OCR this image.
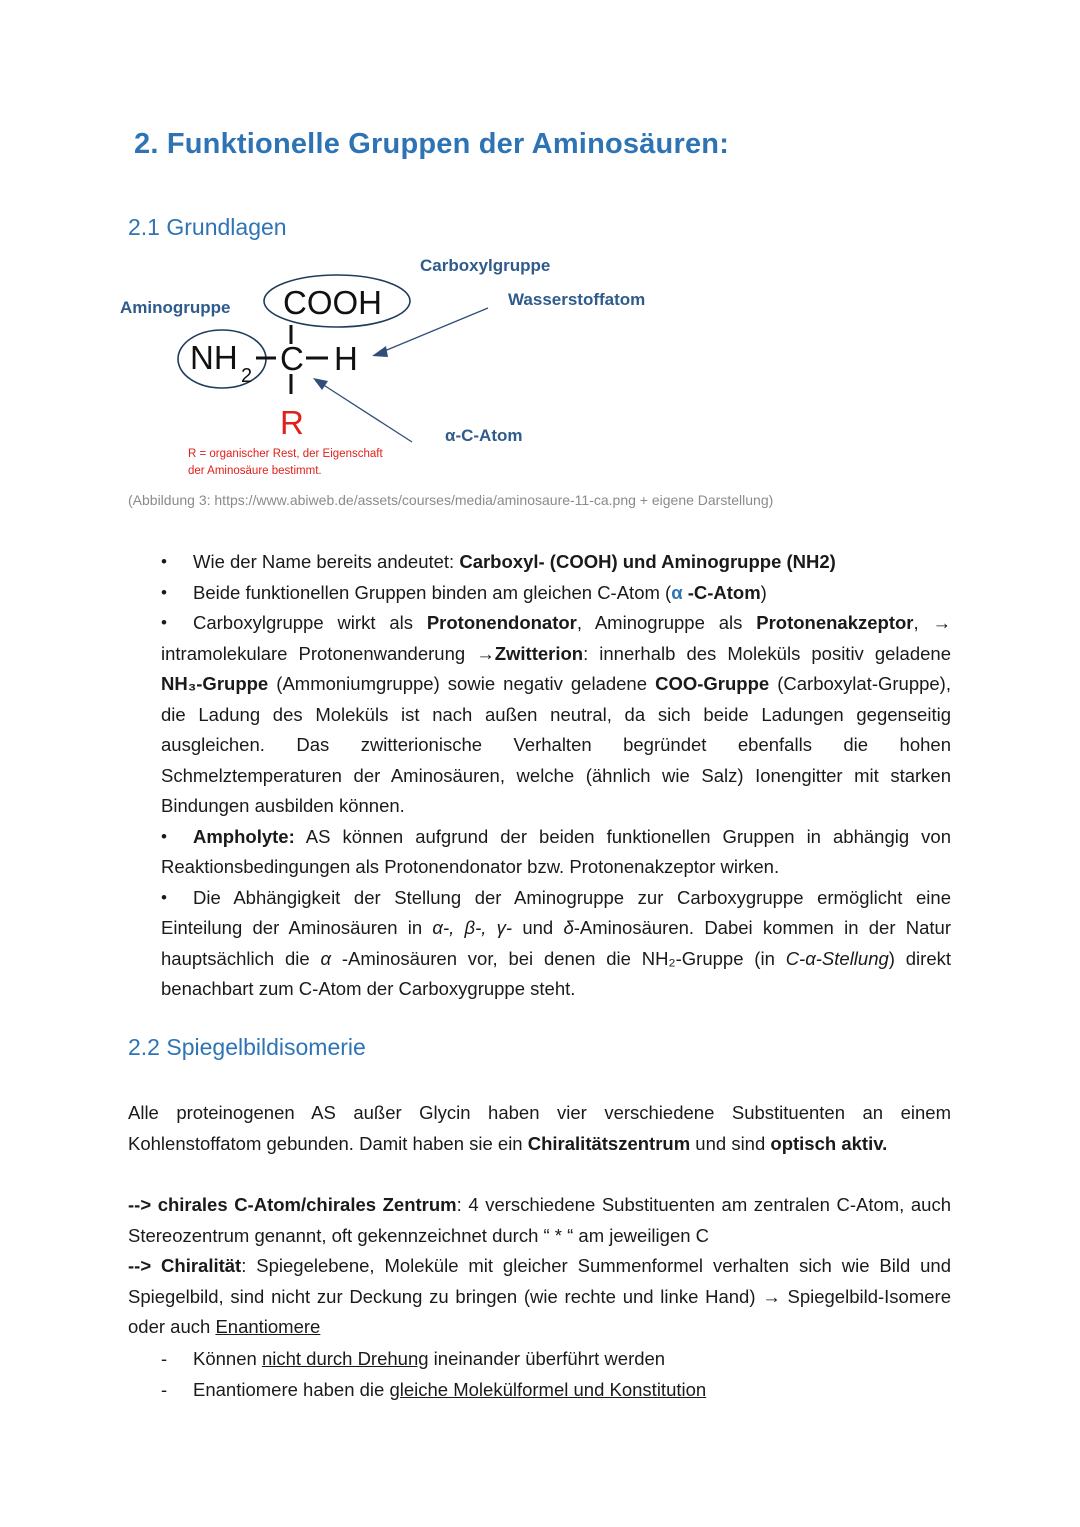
2. Funktionelle Gruppen der Aminosäuren:
2.1 Grundlagen
Carboxylgruppe
Aminogruppe	Wasserstoffatom
α-C-Atom
COOH
NH 2 C H
R
R = organischer Rest, der Eigenschaft
der Aminosäure bestimmt.
(Abbildung 3: https://www.abiweb.de/assets/courses/media/aminosaure-11-ca.png + eigene Darstellung)
• Wie der Name bereits andeutet: Carboxyl- (COOH) und Aminogruppe (NH2)
• Beide funktionellen Gruppen binden am gleichen C-Atom (α -C-Atom)
• Carboxylgruppe wirkt als Protonendonator, Aminogruppe als Protonenakzeptor, → intramolekulare Protonenwanderung →Zwitterion: innerhalb des Moleküls positiv geladene NH₃-Gruppe (Ammoniumgruppe) sowie negativ geladene COO-Gruppe (Carboxylat-Gruppe), die Ladung des Moleküls ist nach außen neutral, da sich beide Ladungen gegenseitig ausgleichen. Das zwitterionische Verhalten begründet ebenfalls die hohen Schmelztemperaturen der Aminosäuren, welche (ähnlich wie Salz) Ionengitter mit starken Bindungen ausbilden können.
• Ampholyte: AS können aufgrund der beiden funktionellen Gruppen in abhängig von Reaktionsbedingungen als Protonendonator bzw. Protonenakzeptor wirken.
• Die Abhängigkeit der Stellung der Aminogruppe zur Carboxygruppe ermöglicht eine Einteilung der Aminosäuren in α-, β-, γ- und δ-Aminosäuren. Dabei kommen in der Natur hauptsächlich die α -Aminosäuren vor, bei denen die NH₂-Gruppe (in C-α-Stellung) direkt benachbart zum C-Atom der Carboxygruppe steht.
2.2 Spiegelbildisomerie
Alle proteinogenen AS außer Glycin haben vier verschiedene Substituenten an einem Kohlenstoffatom gebunden. Damit haben sie ein Chiralitätszentrum und sind optisch aktiv.
--> chirales C-Atom/chirales Zentrum: 4 verschiedene Substituenten am zentralen C-Atom, auch Stereozentrum genannt, oft gekennzeichnet durch “ * “ am jeweiligen C
--> Chiralität: Spiegelebene, Moleküle mit gleicher Summenformel verhalten sich wie Bild und Spiegelbild, sind nicht zur Deckung zu bringen (wie rechte und linke Hand) → Spiegelbild-Isomere oder auch Enantiomere
- Können nicht durch Drehung ineinander überführt werden
- Enantiomere haben die gleiche Molekülformel und Konstitution
